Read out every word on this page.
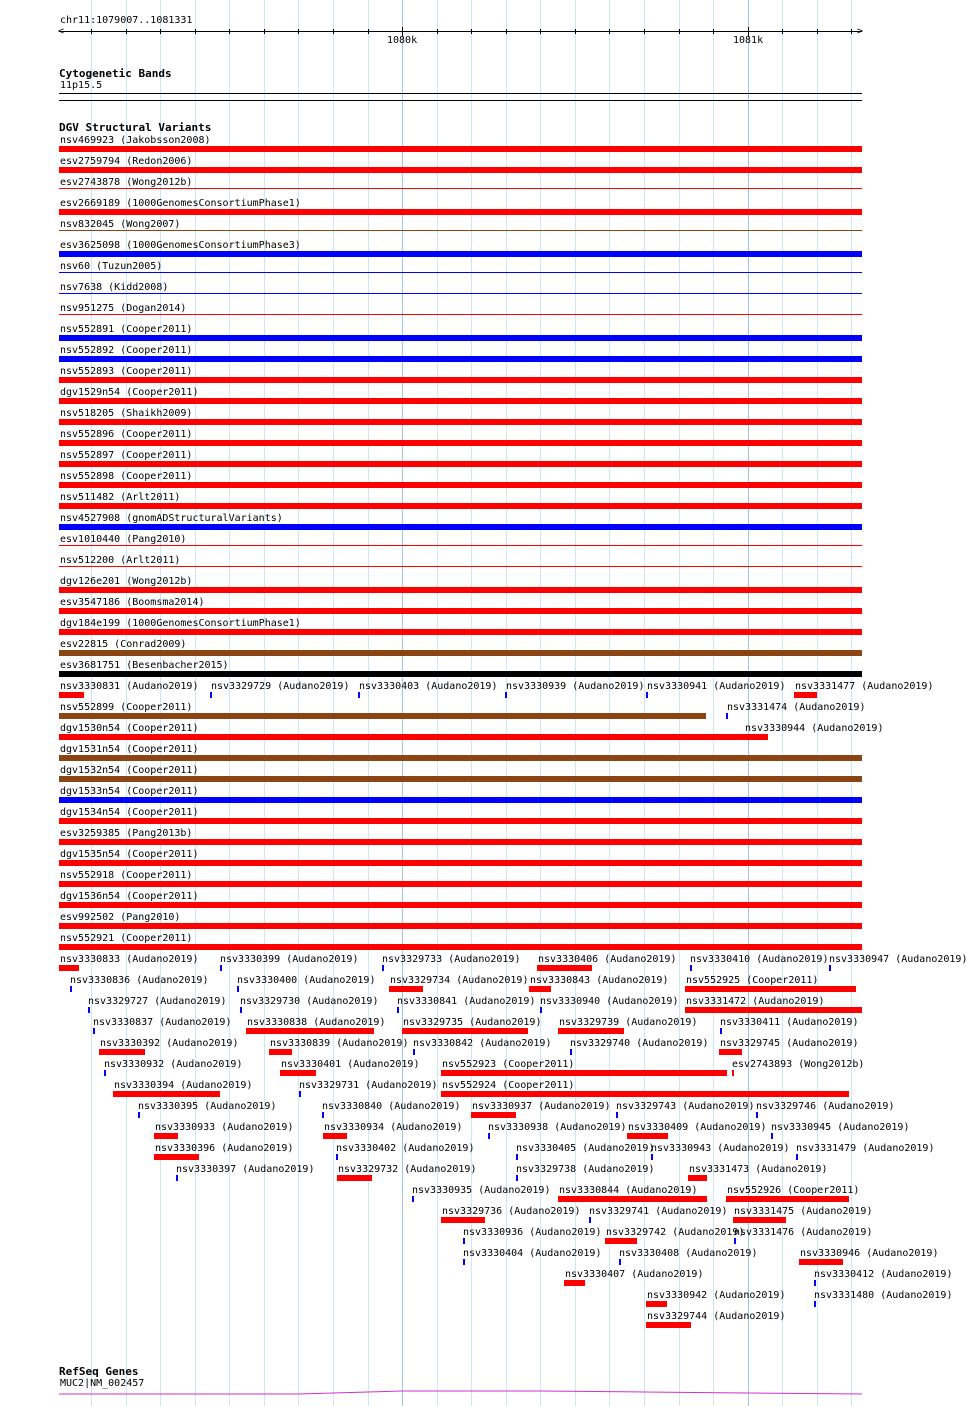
chr11:1079007..1081331
<	>
1080k	1081k
Cytogenetic Bands
11p15.5
DGV Structural Variants
nsv469923 (Jakobsson2008)
esv2759794 (Redon2006)
esv2743878 (Wong2012b)
esv2669189 (1000GenomesConsortiumPhase1)
nsv832045 (Wong2007)
esv3625098 (1000GenomesConsortiumPhase3)
nsv60 (Tuzun2005)
nsv7638 (Kidd2008)
nsv951275 (Dogan2014)
nsv552891 (Cooper2011)
nsv552892 (Cooper2011)
nsv552893 (Cooper2011)
dgv1529n54 (Cooper2011)
nsv518205 (Shaikh2009)
nsv552896 (Cooper2011)
nsv552897 (Cooper2011)
nsv552898 (Cooper2011)
nsv511482 (Arlt2011)
nsv4527908 (gnomADStructuralVariants)
esv1010440 (Pang2010)
nsv512200 (Arlt2011)
dgv126e201 (Wong2012b)
esv3547186 (Boomsma2014)
dgv184e199 (1000GenomesConsortiumPhase1)
esv22815 (Conrad2009)
esv3681751 (Besenbacher2015)
nsv3330831 (Audano2019) nsv3329729 (Audano2019) nsv3330403 (Audano2019) nsv3330939 (Audano2019) nsv3330941 (Audano2019) nsv3331477 (Audano2019)
nsv552899 (Cooper2011)	nsv3331474 (Audano2019)
dgv1530n54 (Cooper2011)	nsv3330944 (Audano2019)
dgv1531n54 (Cooper2011)
dgv1532n54 (Cooper2011)
dgv1533n54 (Cooper2011)
dgv1534n54 (Cooper2011)
esv3259385 (Pang2013b)
dgv1535n54 (Cooper2011)
nsv552918 (Cooper2011)
dgv1536n54 (Cooper2011)
esv992502 (Pang2010)
nsv552921 (Cooper2011)
nsv3330833 (Audano2019) nsv3330399 (Audano2019) nsv3329733 (Audano2019) nsv3330406 (Audano2019) nsv3330410 (Audano2019) nsv3330947 (Audano2019)
nsv3330836 (Audano2019)	nsv3330400 (Audano2019) nsv3329734 (Audano2019) nsv3330843 (Audano2019) nsv552925 (Cooper2011)
nsv3329727 (Audano2019) nsv3329730 (Audano2019) nsv3330841 (Audano2019) nsv3330940 (Audano2019) nsv3331472 (Audano2019)
nsv3330837 (Audano2019) nsv3330838 (Audano2019) nsv3329735 (Audano2019) nsv3329739 (Audano2019) nsv3330411 (Audano2019)
nsv3330392 (Audano2019)	nsv3330839 (Audano2019) nsv3330842 (Audano2019) nsv3329740 (Audano2019) nsv3329745 (Audano2019)
nsv3330932 (Audano2019)	nsv3330401 (Audano2019) nsv552923 (Cooper2011)	esv2743893 (Wong2012b)
nsv3330394 (Audano2019)	nsv3329731 (Audano2019) nsv552924 (Cooper2011)
nsv3330395 (Audano2019)	nsv3330840 (Audano2019) nsv3330937 (Audano2019) nsv3329743 (Audano2019) nsv3329746 (Audano2019)
nsv3330933 (Audano2019)	nsv3330934 (Audano2019)	nsv3330938 (Audano2019) nsv3330409 (Audano2019) nsv3330945 (Audano2019)
nsv3330396 (Audano2019)	nsv3330402 (Audano2019)	nsv3330405 (Audano2019)
nsv3330943 (Audano2019) nsv3331479 (Audano2019)
nsv3330397 (Audano2019) nsv3329732 (Audano2019)	nsv3329738 (Audano2019)	nsv3331473 (Audano2019)
nsv3330935 (Audano2019) nsv3330844 (Audano2019)	nsv552926 (Cooper2011)
nsv3329736 (Audano2019) nsv3329741 (Audano2019) nsv3331475 (Audano2019)
nsv3330936 (Audano2019) nsv3329742 (Audano2019)
nsv3331476 (Audano2019)
nsv3330404 (Audano2019) nsv3330408 (Audano2019)	nsv3330946 (Audano2019)
nsv3330407 (Audano2019)	nsv3330412 (Audano2019)
nsv3330942 (Audano2019)	nsv3331480 (Audano2019)
nsv3329744 (Audano2019)
RefSeq Genes
MUC2|NM_002457
